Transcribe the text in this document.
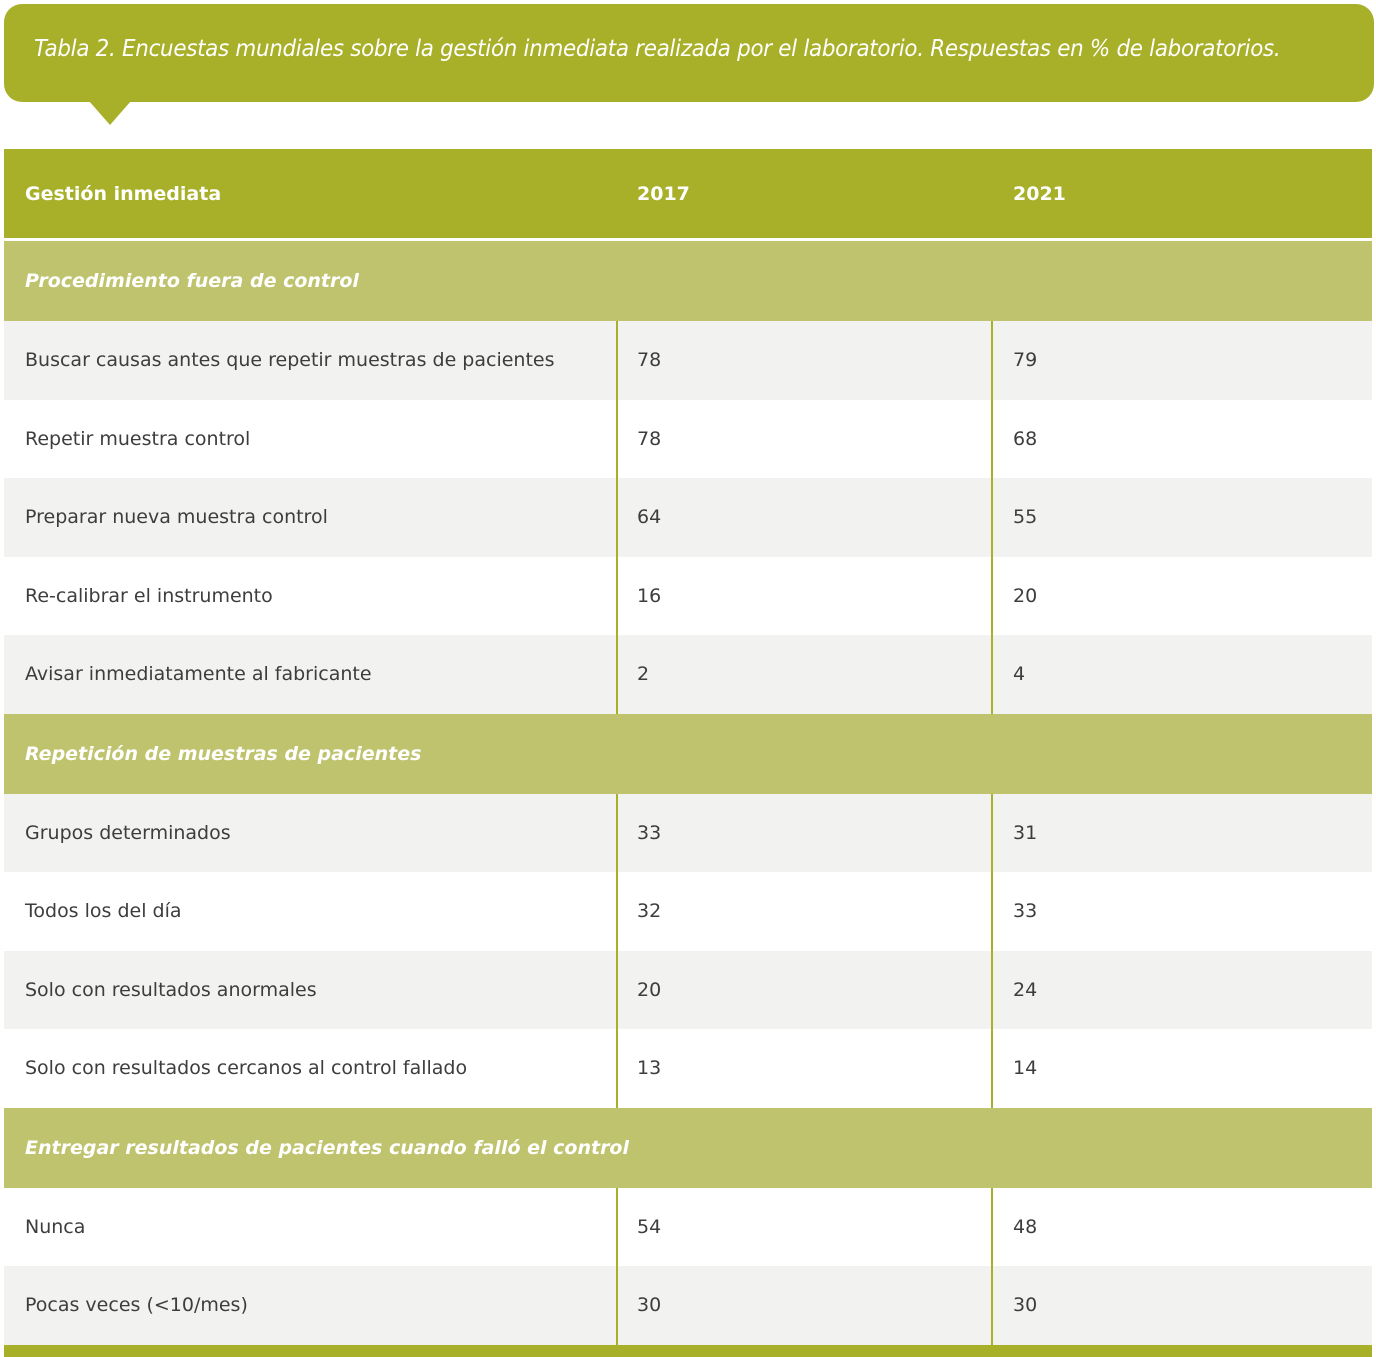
Tabla 2. Encuestas mundiales sobre la gestión inmediata realizada por el laboratorio. Respuestas en % de laboratorios.
Gestión inmediata	2017	2021
Procedimiento fuera de control
Buscar causas antes que repetir muestras de pacientes	78	79
Repetir muestra control	78	68
Preparar nueva muestra control	64	55
Re-calibrar el instrumento	16	20
Avisar inmediatamente al fabricante	2	4
Repetición de muestras de pacientes
Grupos determinados	33	31
Todos los del día	32	33
Solo con resultados anormales	20	24
Solo con resultados cercanos al control fallado	13	14
Entregar resultados de pacientes cuando falló el control
Nunca	54	48
Pocas veces (<10/mes)	30	30
